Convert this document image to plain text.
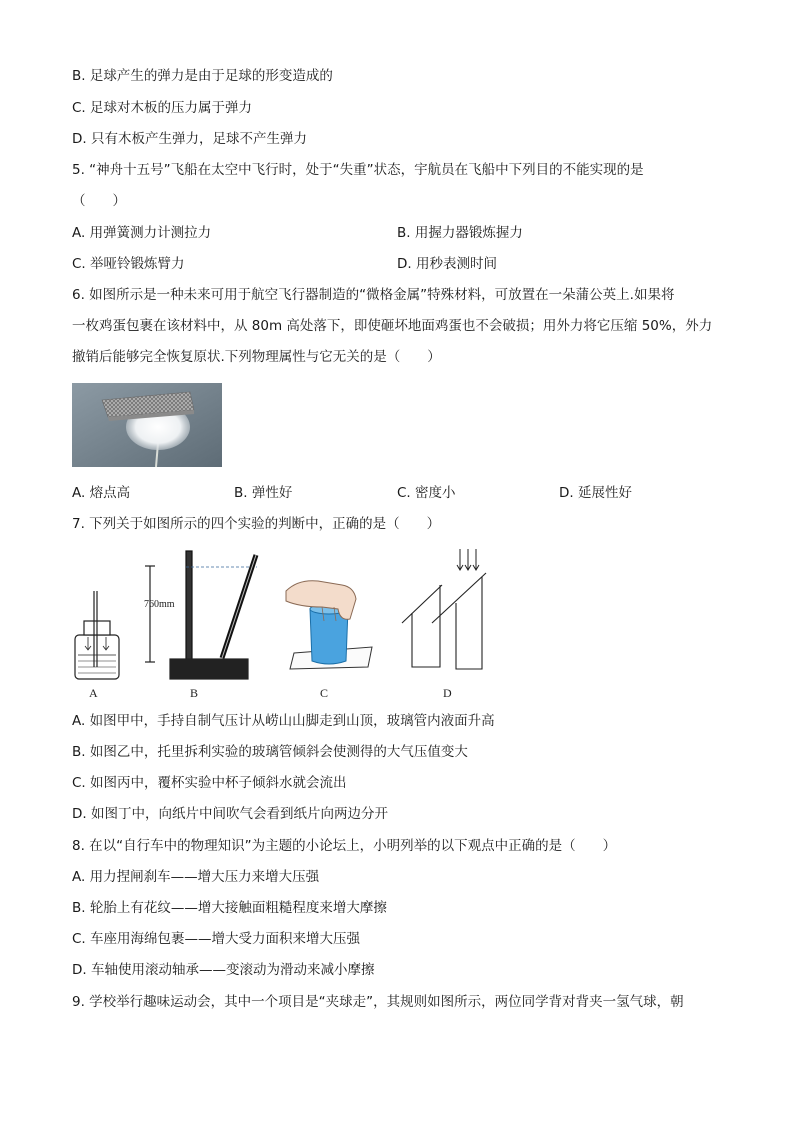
B. 足球产生的弹力是由于足球的形变造成的
C. 足球对木板的压力属于弹力
D. 只有木板产生弹力，足球不产生弹力
5. “神舟十五号”飞船在太空中飞行时，处于“失重”状态，宇航员在飞船中下列目的不能实现的是
（　　）
A. 用弹簧测力计测拉力	B. 用握力器锻炼握力
C. 举哑铃锻炼臂力	D. 用秒表测时间
6. 如图所示是一种未来可用于航空飞行器制造的“微格金属”特殊材料，可放置在一朵蒲公英上.如果将
一枚鸡蛋包裹在该材料中，从 80m 高处落下，即使砸坏地面鸡蛋也不会破损；用外力将它压缩 50%，外力
撤销后能够完全恢复原状.下列物理属性与它无关的是（　　）
A. 熔点高	B. 弹性好	C. 密度小	D. 延展性好
7. 下列关于如图所示的四个实验的判断中，正确的是（　　）
A
760mm
B	C	D
A. 如图甲中，手持自制气压计从崂山山脚走到山顶，玻璃管内液面升高
B. 如图乙中，托里拆利实验的玻璃管倾斜会使测得的大气压值变大
C. 如图丙中，覆杯实验中杯子倾斜水就会流出
D. 如图丁中，向纸片中间吹气会看到纸片向两边分开
8. 在以“自行车中的物理知识”为主题的小论坛上，小明列举的以下观点中正确的是（　　）
A. 用力捏闸刹车——增大压力来增大压强
B. 轮胎上有花纹——增大接触面粗糙程度来增大摩擦
C. 车座用海绵包裹——增大受力面积来增大压强
D. 车轴使用滚动轴承——变滚动为滑动来减小摩擦
9. 学校举行趣味运动会，其中一个项目是“夹球走”，其规则如图所示，两位同学背对背夹一氢气球，朝
